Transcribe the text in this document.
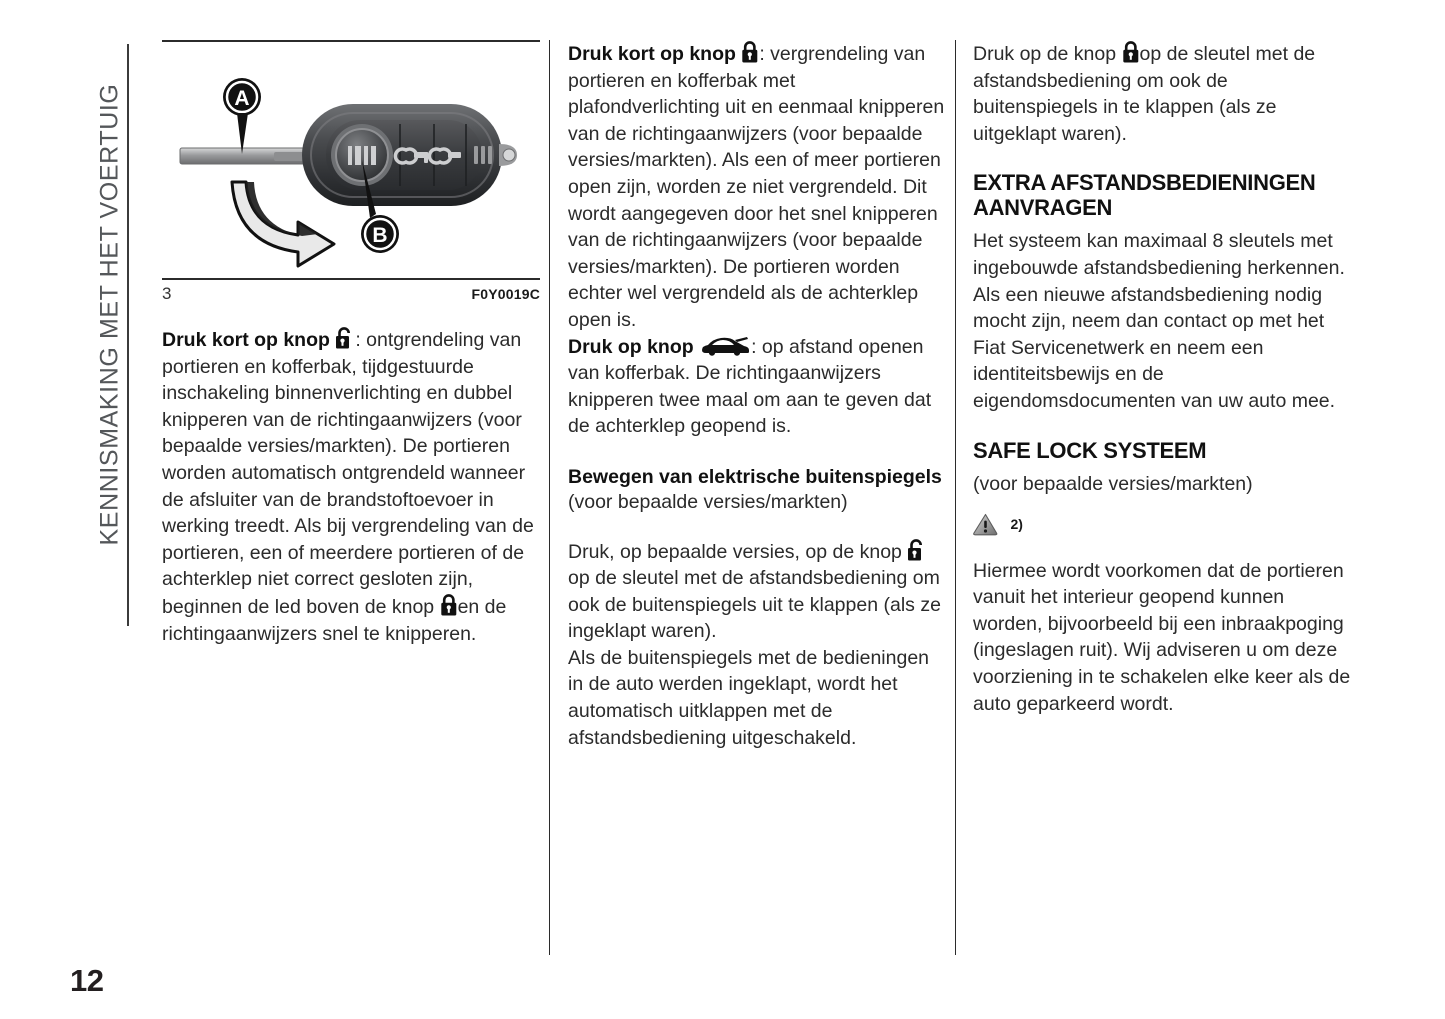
KENNISMAKING MET HET VOERTUIG
12
A
B
3	F0Y0019C

Druk kort op knop : ontgrendeling van portieren en kofferbak, tijdgestuurde inschakeling binnenverlichting en dubbel knipperen van de richtingaanwijzers (voor bepaalde versies/markten). De portieren worden automatisch ontgrendeld wanneer de afsluiter van de brandstoftoevoer in werking treedt. Als bij vergrendeling van de portieren, een of meerdere portieren of de achterklep niet correct gesloten zijn, beginnen de led boven de knop en de richtingaanwijzers snel te knipperen.

Druk kort op knop : vergrendeling van portieren en kofferbak met plafondverlichting uit en eenmaal knipperen van de richtingaanwijzers (voor bepaalde versies/markten). Als een of meer portieren open zijn, worden ze niet vergrendeld. Dit wordt aangegeven door het snel knipperen van de richtingaanwijzers (voor bepaalde versies/markten). De portieren worden echter wel vergrendeld als de achterklep open is.

Druk op knop	: op afstand openen van kofferbak. De richtingaanwijzers knipperen twee maal om aan te geven dat de achterklep geopend is.

Bewegen van elektrische buitenspiegels

(voor bepaalde versies/markten)

Druk, op bepaalde versies, op de knop op de sleutel met de afstandsbediening om ook de buitenspiegels uit te klappen (als ze ingeklapt waren).

Als de buitenspiegels met de bedieningen in de auto werden ingeklapt, wordt het automatisch uitklappen met de afstandsbediening uitgeschakeld.

Druk op de knop op de sleutel met de afstandsbediening om ook de buitenspiegels in te klappen (als ze uitgeklapt waren).

EXTRA AFSTANDSBEDIENINGEN AANVRAGEN

Het systeem kan maximaal 8 sleutels met ingebouwde afstandsbediening herkennen. Als een nieuwe afstandsbediening nodig mocht zijn, neem dan contact op met het Fiat Servicenetwerk en neem een identiteitsbewijs en de eigendomsdocumenten van uw auto mee.

SAFE LOCK SYSTEEM

(voor bepaalde versies/markten)

2)

Hiermee wordt voorkomen dat de portieren vanuit het interieur geopend kunnen worden, bijvoorbeeld bij een inbraakpoging (ingeslagen ruit). Wij adviseren u om deze voorziening in te schakelen elke keer als de auto geparkeerd wordt.
